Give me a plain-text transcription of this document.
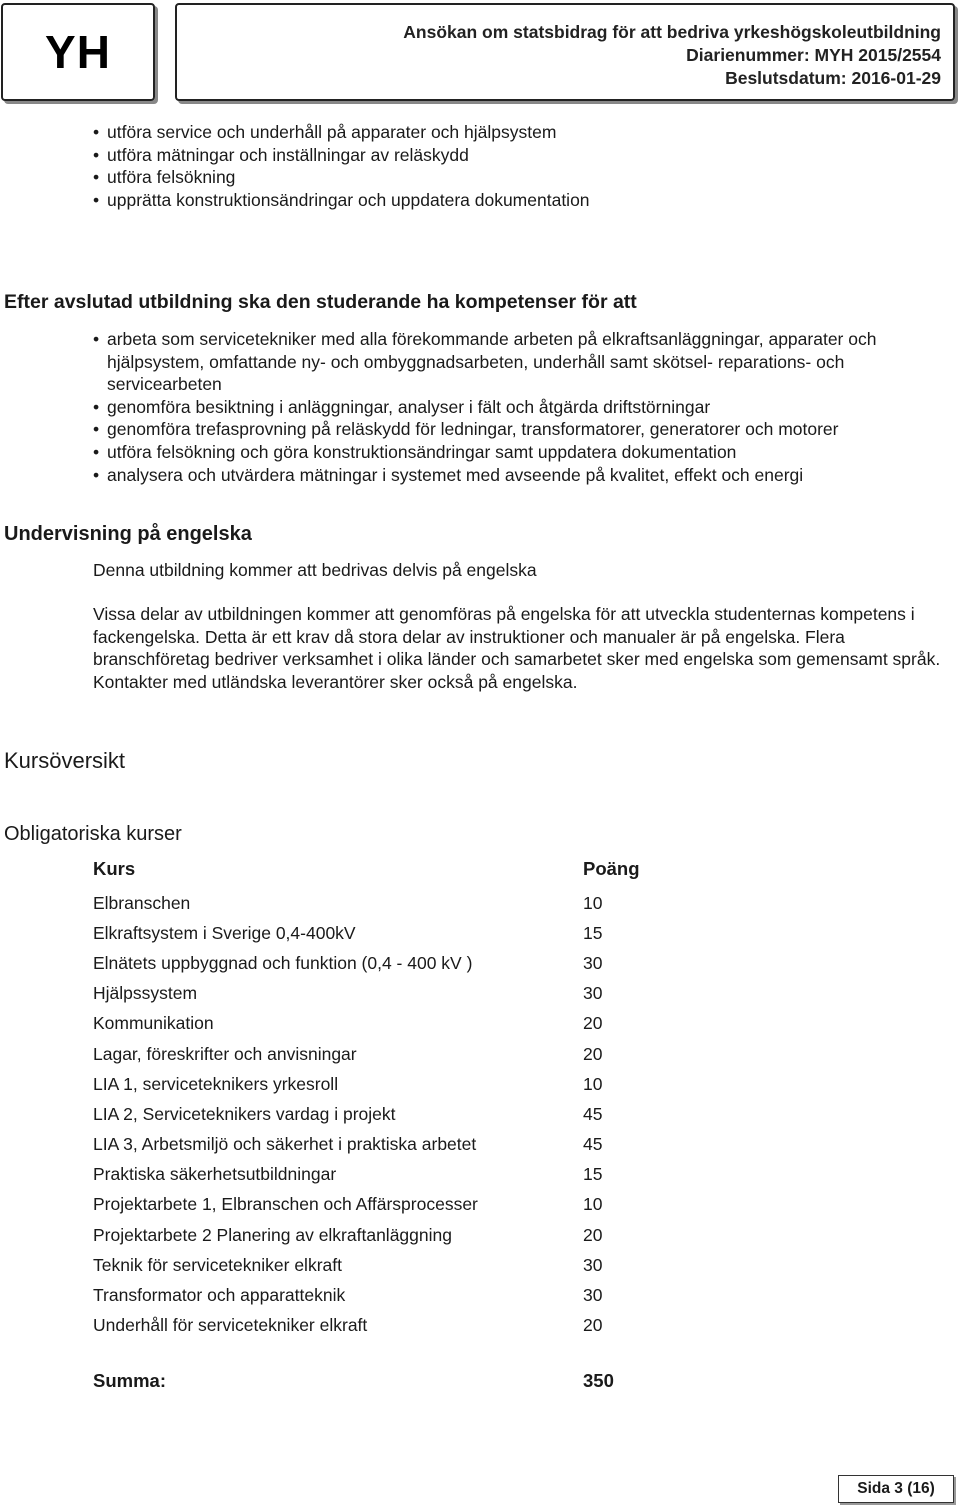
YH	Ansökan om statsbidrag för att bedriva yrkeshögskoleutbildning
Diarienummer: MYH 2015/2554
Beslutsdatum: 2016-01-29
• utföra service och underhåll på apparater och hjälpsystem
• utföra mätningar och inställningar av reläskydd
• utföra felsökning
• upprätta konstruktionsändringar och uppdatera dokumentation
Efter avslutad utbildning ska den studerande ha kompetenser för att
• arbeta som servicetekniker med alla förekommande arbeten på elkraftsanläggningar, apparater och hjälpsystem, omfattande ny- och ombyggnadsarbeten, underhåll samt skötsel- reparations- och servicearbeten
• genomföra besiktning i anläggningar, analyser i fält och åtgärda driftstörningar
• genomföra trefasprovning på reläskydd för ledningar, transformatorer, generatorer och motorer
• utföra felsökning och göra konstruktionsändringar samt uppdatera dokumentation
• analysera och utvärdera mätningar i systemet med avseende på kvalitet, effekt och energi
Undervisning på engelska

Denna utbildning kommer att bedrivas delvis på engelska

Vissa delar av utbildningen kommer att genomföras på engelska för att utveckla studenternas kompetens i fackengelska. Detta är ett krav då stora delar av instruktioner och manualer är på engelska. Flera branschföretag bedriver verksamhet i olika länder och samarbetet sker med engelska som gemensamt språk. Kontakter med utländska leverantörer sker också på engelska.

Kursöversikt
Obligatoriska kurser
Kurs	Poäng
Elbranschen	10
Elkraftsystem i Sverige 0,4-400kV	15
Elnätets uppbyggnad och funktion (0,4 - 400 kV )	30
Hjälpssystem	30
Kommunikation	20
Lagar, föreskrifter och anvisningar	20
LIA 1, serviceteknikers yrkesroll	10
LIA 2, Serviceteknikers vardag i projekt	45
LIA 3, Arbetsmiljö och säkerhet i praktiska arbetet	45
Praktiska säkerhetsutbildningar	15
Projektarbete 1, Elbranschen och Affärsprocesser	10
Projektarbete 2 Planering av elkraftanläggning	20
Teknik för servicetekniker elkraft	30
Transformator och apparatteknik	30
Underhåll för servicetekniker elkraft	20
Summa:	350
Sida 3 (16)
